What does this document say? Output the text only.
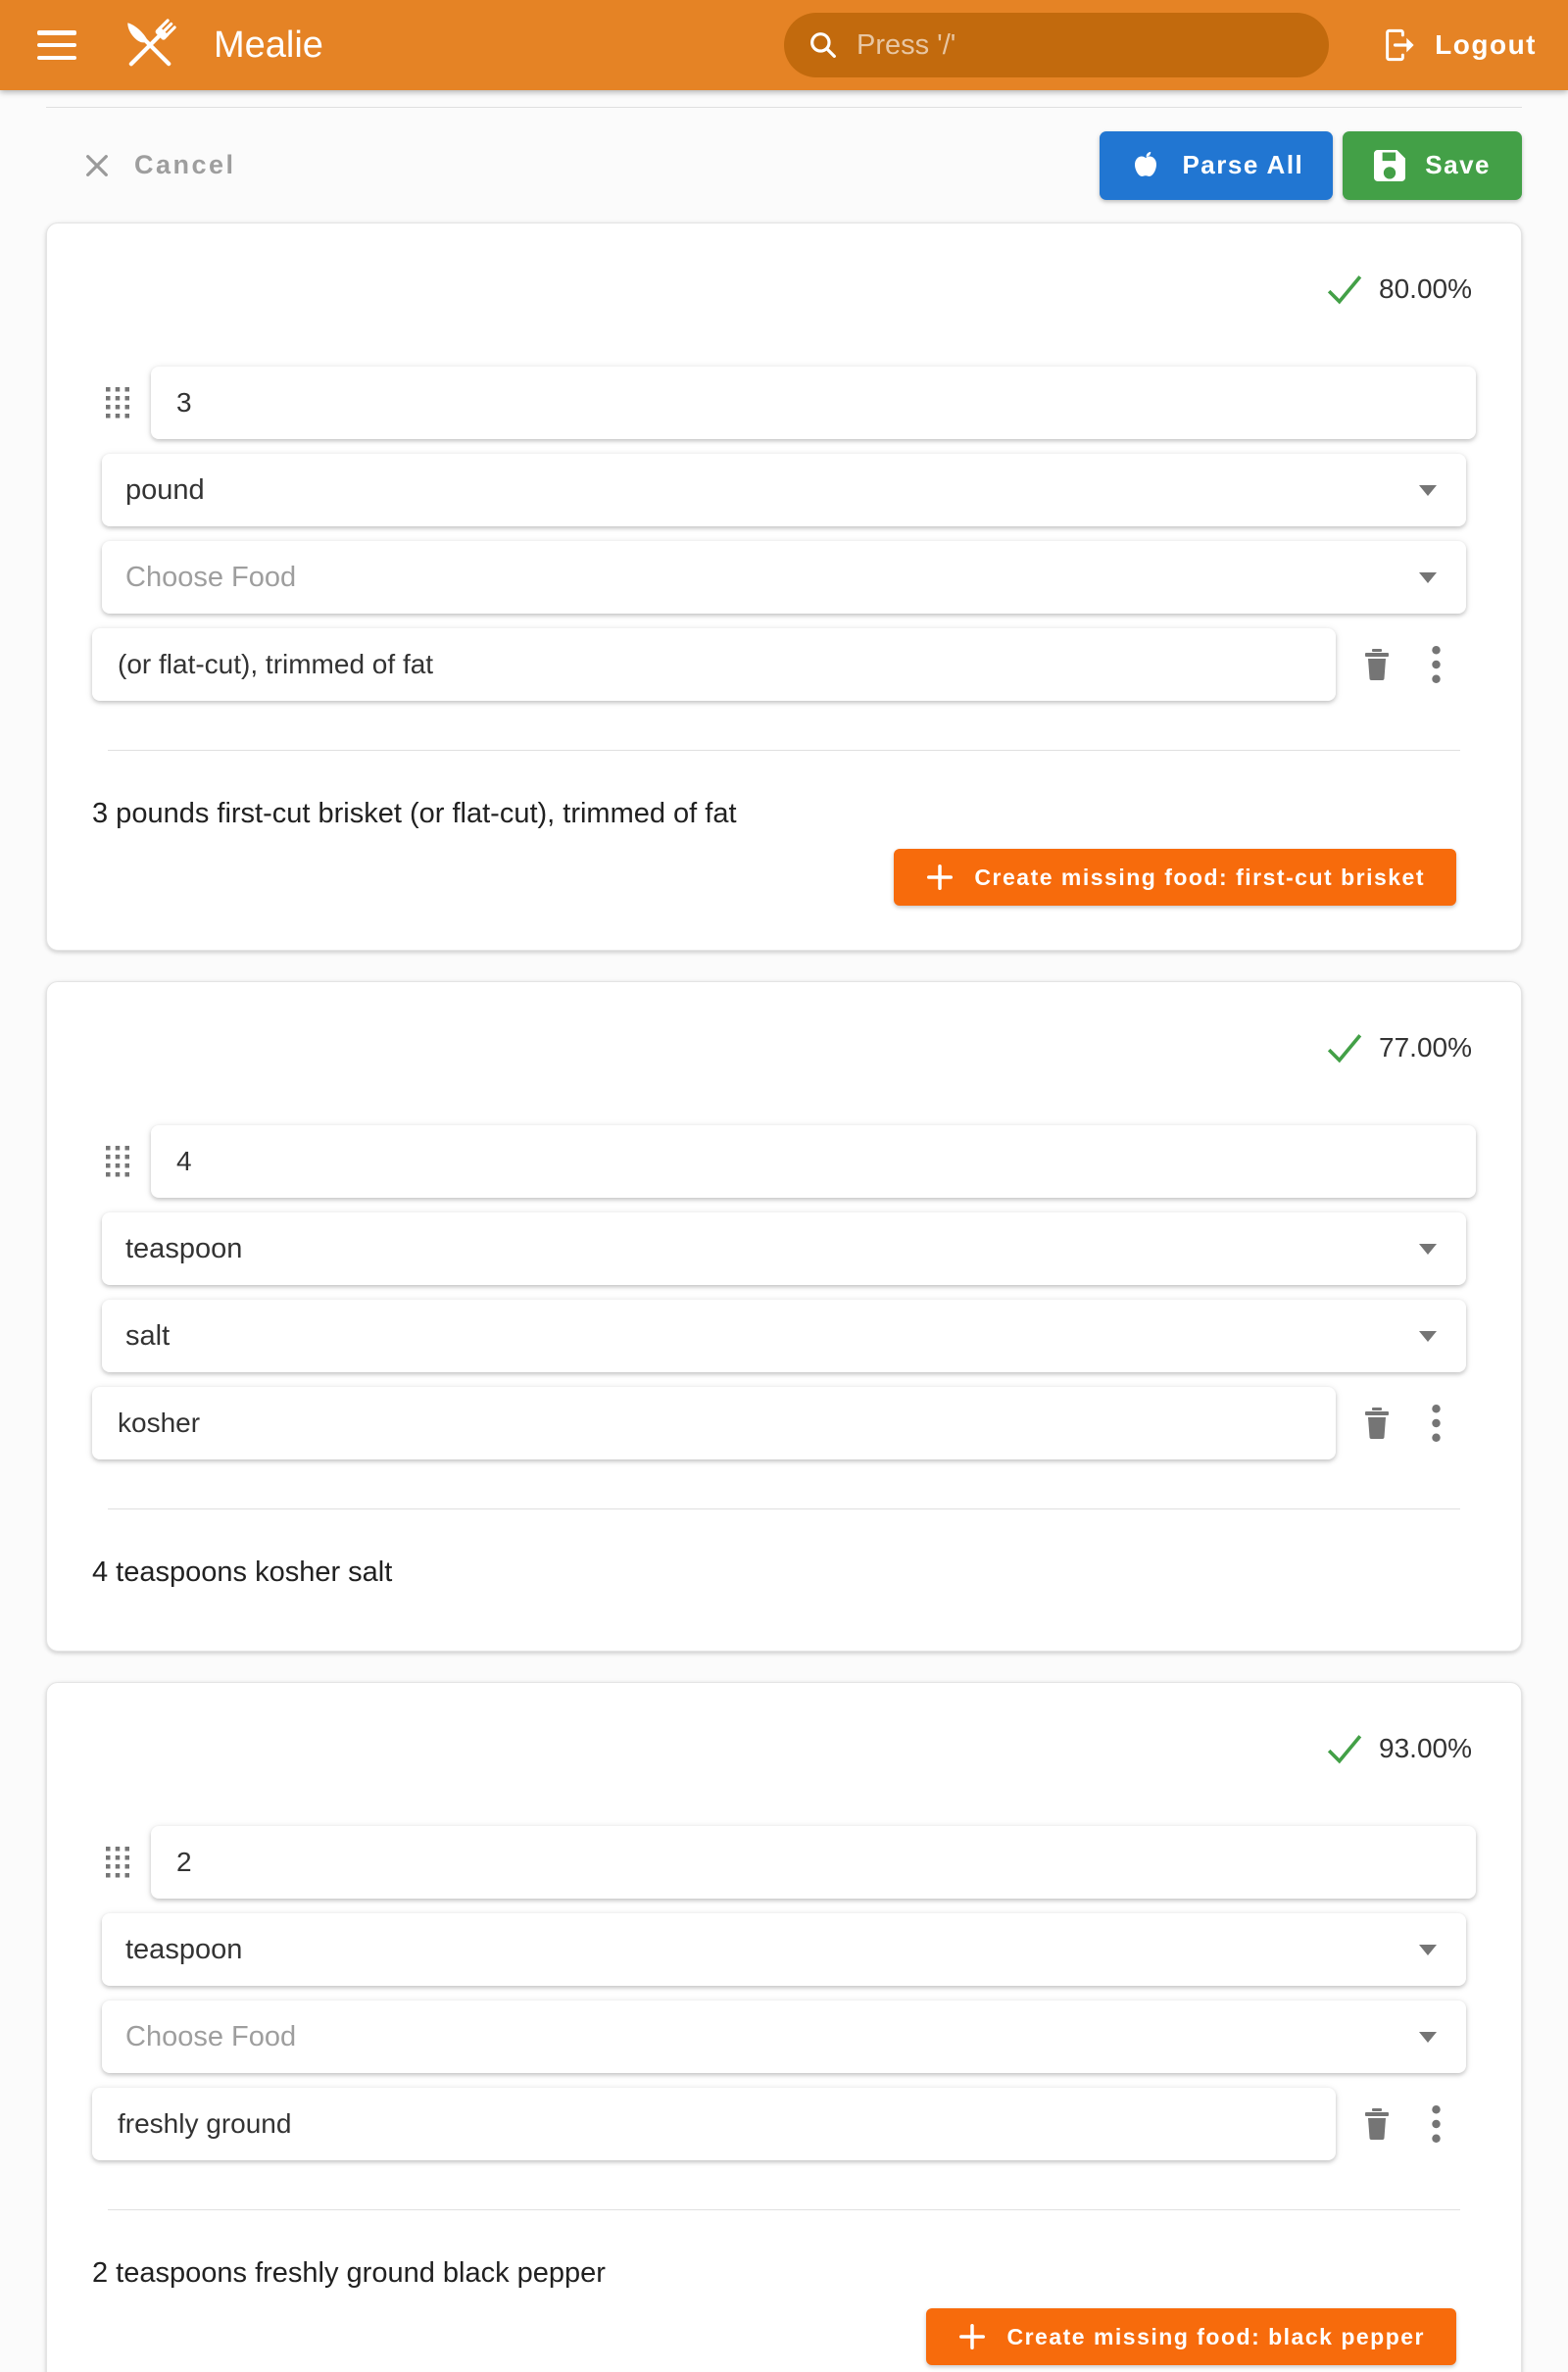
Mealie	Press '/'	Logout
Cancel	Parse All	Save
80.00%
3
pound
Choose Food
(or flat-cut), trimmed of fat

3 pounds first-cut brisket (or flat-cut), trimmed of fat

Create missing food: first-cut brisket
77.00%
4
teaspoon
salt
kosher

4 teaspoons kosher salt

93.00%
2
teaspoon
Choose Food
freshly ground

2 teaspoons freshly ground black pepper

Create missing food: black pepper
